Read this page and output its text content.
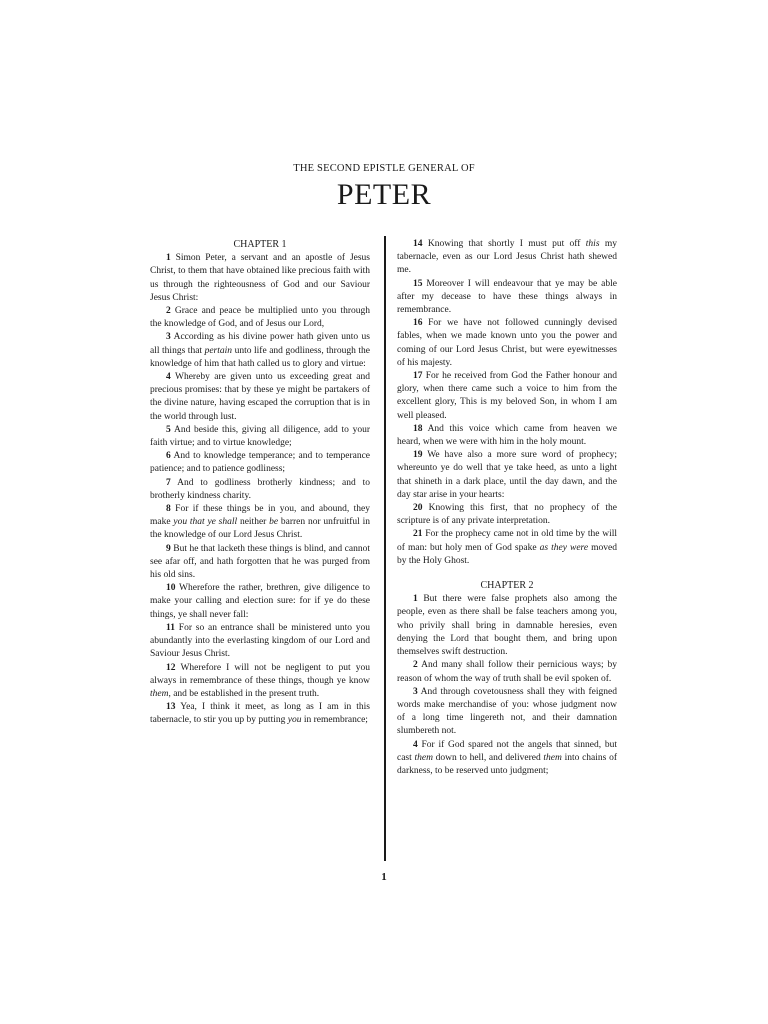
THE SECOND EPISTLE GENERAL OF
PETER
CHAPTER 1

1 Simon Peter, a servant and an apostle of Jesus Christ, to them that have obtained like precious faith with us through the righteousness of God and our Saviour Jesus Christ:

2 Grace and peace be multiplied unto you through the knowledge of God, and of Jesus our Lord,

3 According as his divine power hath given unto us all things that pertain unto life and godliness, through the knowledge of him that hath called us to glory and virtue:

4 Whereby are given unto us exceeding great and precious promises: that by these ye might be partakers of the divine nature, having escaped the corruption that is in the world through lust.

5 And beside this, giving all diligence, add to your faith virtue; and to virtue knowledge;

6 And to knowledge temperance; and to temperance patience; and to patience godliness;

7 And to godliness brotherly kindness; and to brotherly kindness charity.

8 For if these things be in you, and abound, they make you that ye shall neither be barren nor unfruitful in the knowledge of our Lord Jesus Christ.

9 But he that lacketh these things is blind, and cannot see afar off, and hath forgotten that he was purged from his old sins.

10 Wherefore the rather, brethren, give diligence to make your calling and election sure: for if ye do these things, ye shall never fall:

11 For so an entrance shall be ministered unto you abundantly into the everlasting kingdom of our Lord and Saviour Jesus Christ.

12 Wherefore I will not be negligent to put you always in remembrance of these things, though ye know them, and be established in the present truth.

13 Yea, I think it meet, as long as I am in this tabernacle, to stir you up by putting you in remembrance;

14 Knowing that shortly I must put off this my tabernacle, even as our Lord Jesus Christ hath shewed me.

15 Moreover I will endeavour that ye may be able after my decease to have these things always in remembrance.

16 For we have not followed cunningly devised fables, when we made known unto you the power and coming of our Lord Jesus Christ, but were eyewitnesses of his majesty.

17 For he received from God the Father honour and glory, when there came such a voice to him from the excellent glory, This is my beloved Son, in whom I am well pleased.

18 And this voice which came from heaven we heard, when we were with him in the holy mount.

19 We have also a more sure word of prophecy; whereunto ye do well that ye take heed, as unto a light that shineth in a dark place, until the day dawn, and the day star arise in your hearts:

20 Knowing this first, that no prophecy of the scripture is of any private interpretation.

21 For the prophecy came not in old time by the will of man: but holy men of God spake as they were moved by the Holy Ghost.

CHAPTER 2

1 But there were false prophets also among the people, even as there shall be false teachers among you, who privily shall bring in damnable heresies, even denying the Lord that bought them, and bring upon themselves swift destruction.

2 And many shall follow their pernicious ways; by reason of whom the way of truth shall be evil spoken of.

3 And through covetousness shall they with feigned words make merchandise of you: whose judgment now of a long time lingereth not, and their damnation slumbereth not.

4 For if God spared not the angels that sinned, but cast them down to hell, and delivered them into chains of darkness, to be reserved unto judgment;

1
